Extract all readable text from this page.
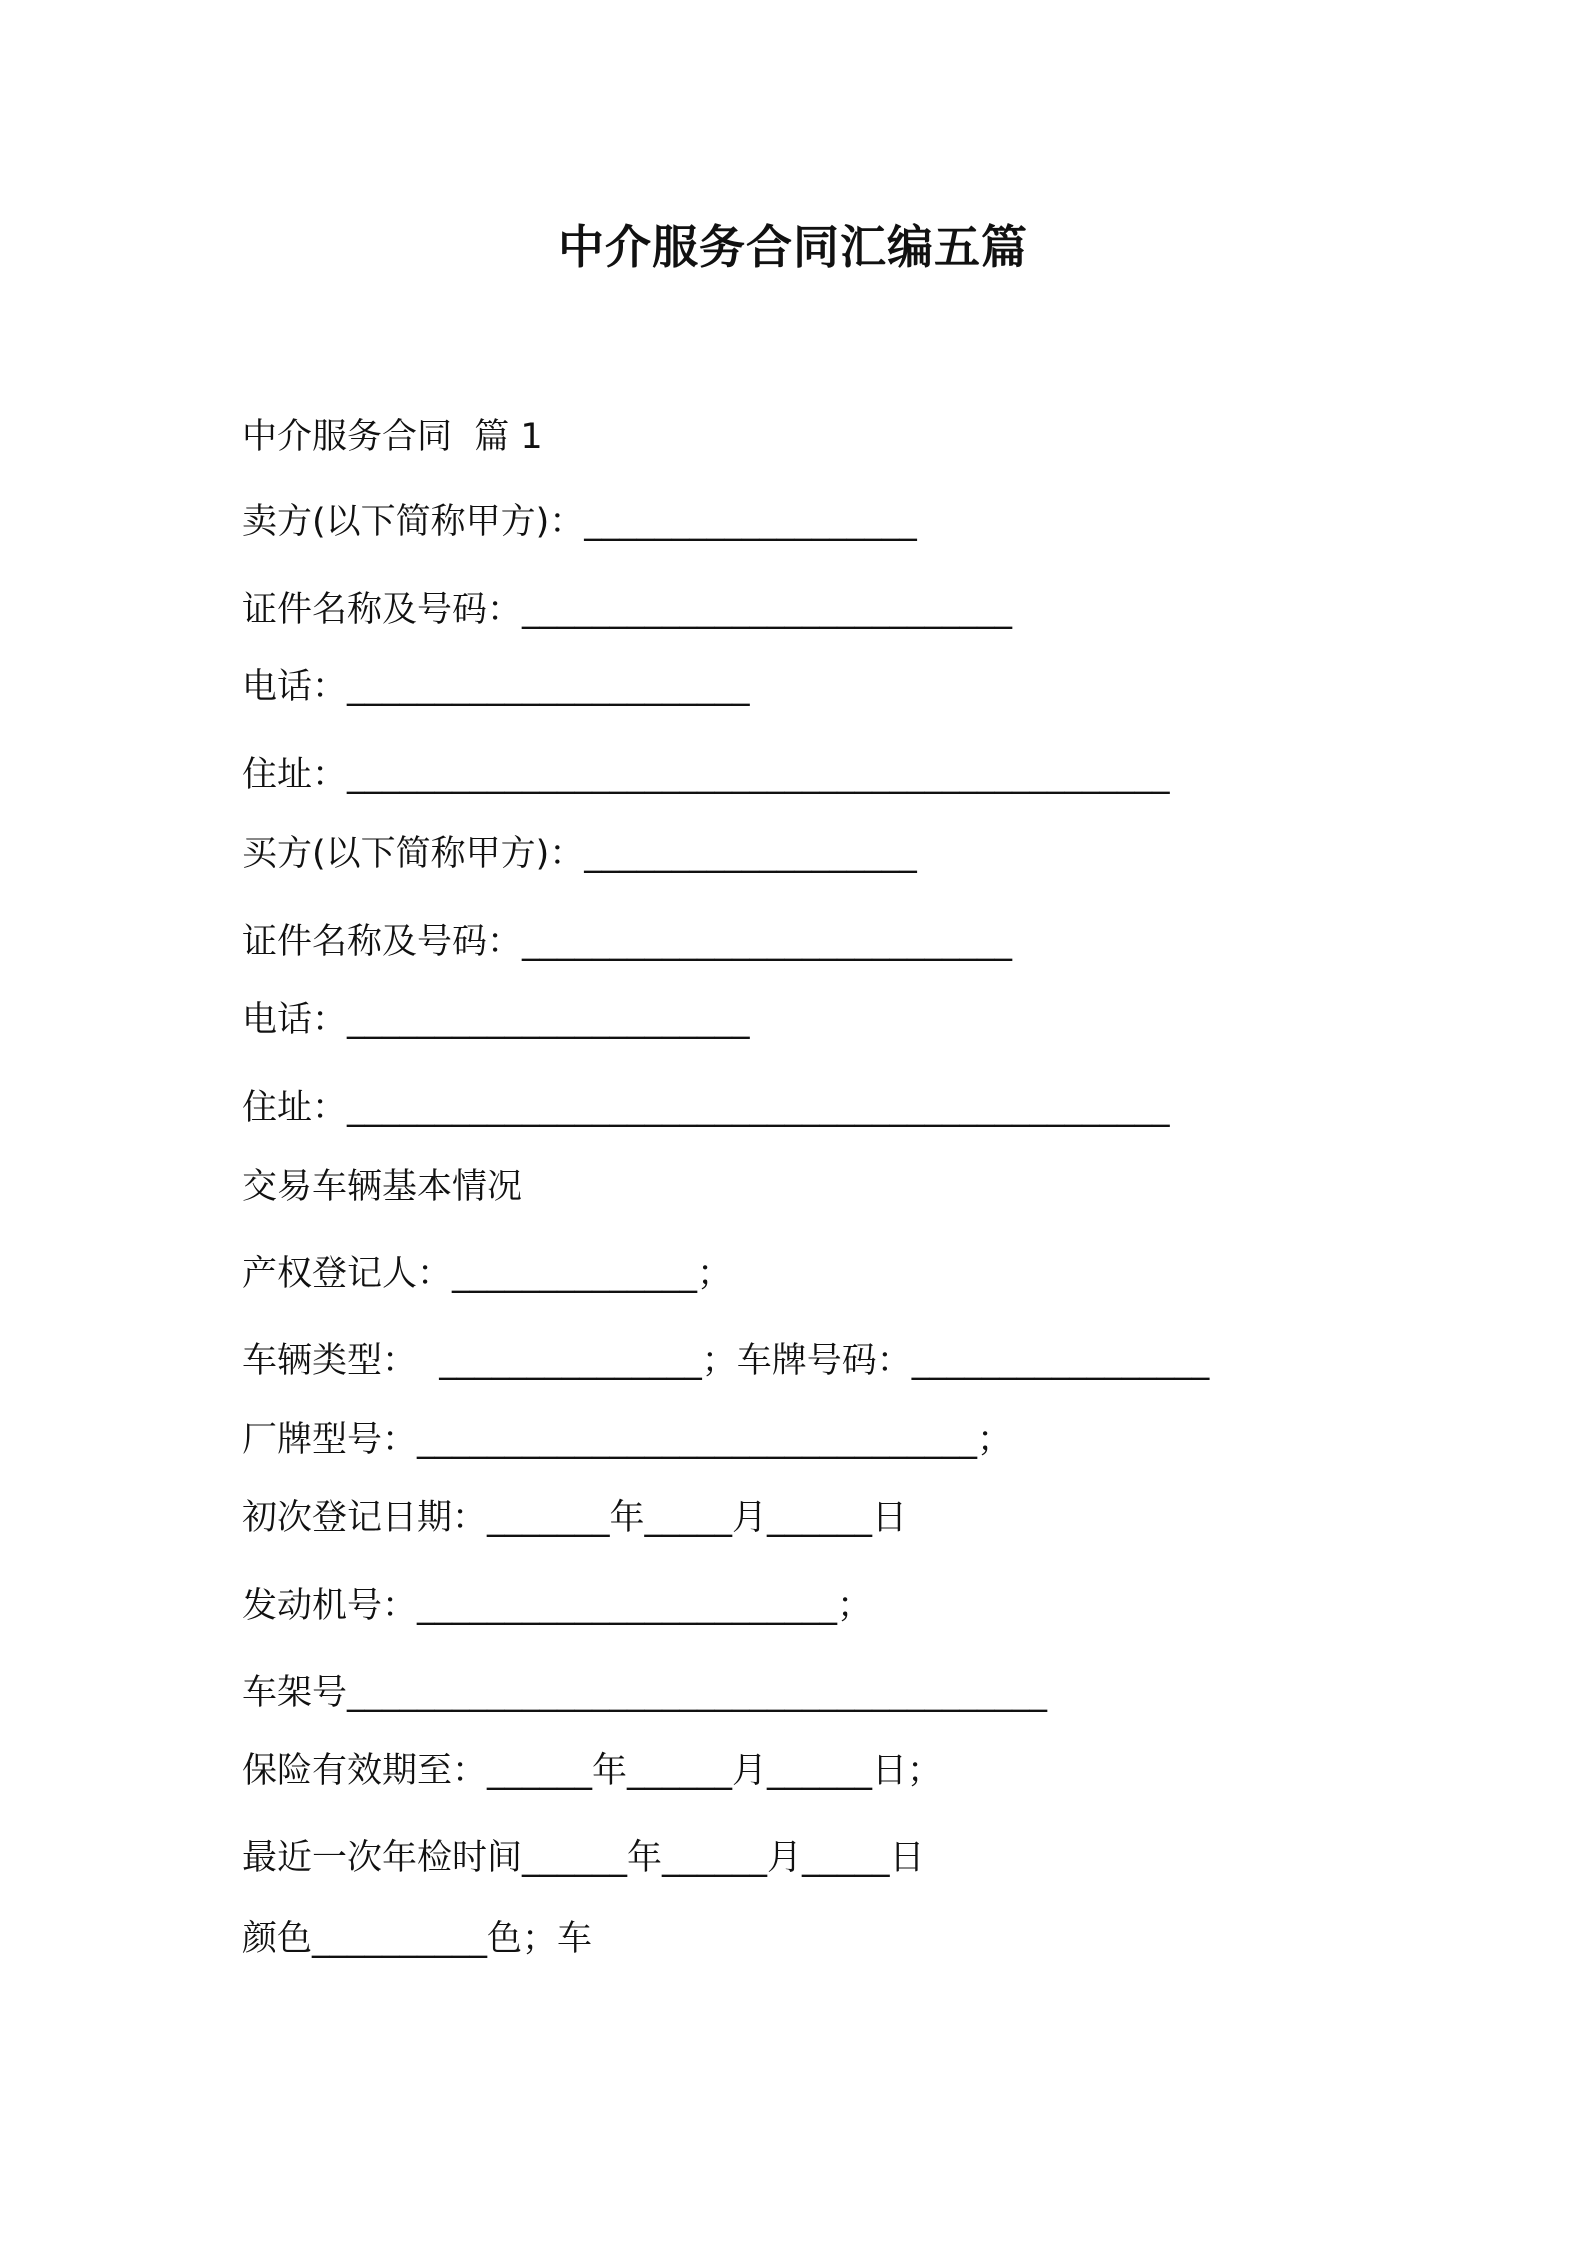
中介服务合同汇编五篇
中介服务合同  篇 1
卖方(以下简称甲方)：___________________
证件名称及号码：____________________________
电话：_______________________
住址：_______________________________________________
买方(以下简称甲方)：___________________
证件名称及号码：____________________________
电话：_______________________
住址：_______________________________________________
交易车辆基本情况
产权登记人：______________；
车辆类型：  _______________；车牌号码：_________________
厂牌型号：________________________________；
初次登记日期：_______年_____月______日
发动机号：________________________；
车架号________________________________________
保险有效期至：______年______月______日；
最近一次年检时间______年______月_____日
颜色__________色；车
